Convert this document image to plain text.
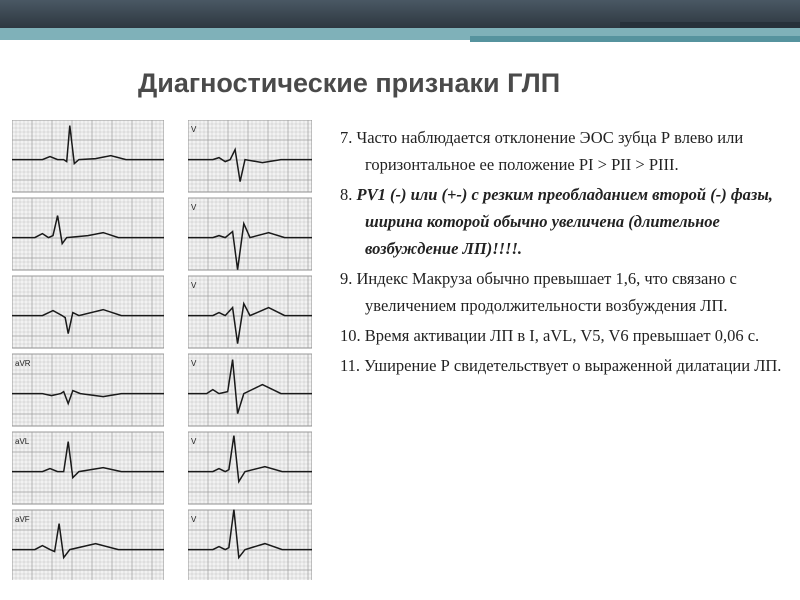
Диагностические признаки ГЛП
aVR
aVL
aVF
V
V
V
V
V
V

7. Часто наблюдается отклонение ЭОС зубца Р влево или горизонтальное ее положение PI > PII > PIII.

8. PV1 (-) или (+-) с резким преобладанием второй (-) фазы, ширина которой обычно увеличена (длительное возбуждение ЛП)!!!!.

9. Индекс Макруза обычно превышает 1,6, что связано с увеличением продолжительности возбуждения ЛП.

10. Время активации ЛП в I, aVL, V5, V6 превышает 0,06 с.

11. Уширение Р свидетельствует о выраженной дилатации ЛП.
